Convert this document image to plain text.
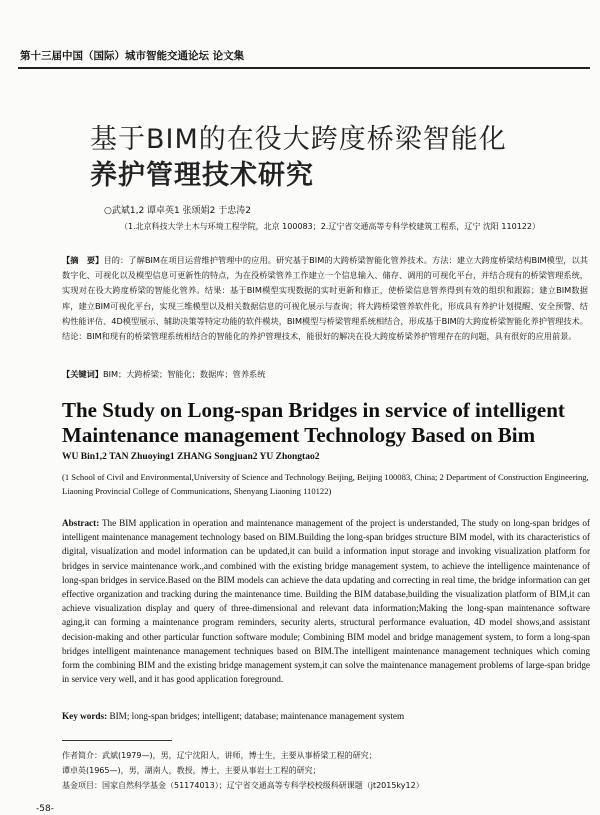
第十三届中国（国际）城市智能交通论坛 论文集
基于BIM的在役大跨度桥梁智能化
养护管理技术研究
○武斌1,2 谭卓英1 张颂娟2 于忠涛2
（1.北京科技大学土木与环境工程学院，北京 100083；2.辽宁省交通高等专科学校建筑工程系，辽宁 沈阳 110122）
【摘　要】目的：了解BIM在项目运营维护管理中的应用。研究基于BIM的大跨桥梁智能化管养技术。方法：建立大跨度桥梁结构BIM模型，以其数字化、可视化以及模型信息可更新性的特点，为在役桥梁管养工作建立一个信息输入、储存、调用的可视化平台，并结合现有的桥梁管理系统，实现对在役大跨度桥梁的智能化管养。结果：基于BIM模型实现数据的实时更新和修正，使桥梁信息管养得到有效的组织和跟踪；建立BIM数据库，建立BIM可视化平台，实现三维模型以及相关数据信息的可视化展示与查询；将大跨桥梁管养软件化，形成具有养护计划提醒、安全预警、结构性能评估、4D模型展示、辅助决策等特定功能的软件模块，BIM模型与桥梁管理系统相结合，形成基于BIM的大跨度桥梁智能化养护管理技术。结论：BIM和现有的桥梁管理系统相结合的智能化的养护管理技术，能很好的解决在役大跨度桥梁养护管理存在的问题，具有很好的应用前景。
【关键词】BIM；大跨桥梁；智能化；数据库；管养系统
The Study on Long-span Bridges in service of intelligent
Maintenance management Technology Based on Bim
WU Bin1,2 TAN Zhuoying1 ZHANG Songjuan2 YU Zhongtao2
(1 School of Civil and Environmental,University of Science and Technology Beijing, Beijing 100083, China; 2 Department of Construction Engineering, Liaoning Provincial College of Communications, Shenyang Liaoning 110122)
Abstract: The BIM application in operation and maintenance management of the project is understanded, The study on long-span bridges of intelligent maintenance management technology based on BIM.Building the long-span bridges structure BIM model, with its characteristics of digital, visualization and model information can be updated,it can build a information input storage and invoking visualization platform for bridges in service maintenance work.,and combined with the existing bridge management system, to achieve the intelligence maintenance of long-span bridges in service.Based on the BIM models can achieve the data updating and correcting in real time, the bridge information can get effective organization and tracking during the maintenance time. Building the BIM database,building the visualization platform of BIM,it can achieve visualization display and query of three-dimensional and relevant data information;Making the long-span maintenance software aging,it can forming a maintenance program reminders, security alerts, structural performance evaluation, 4D model shows,and assistant decision-making and other particular function software module; Combining BIM model and bridge management system, to form a long-span bridges intelligent maintenance management techniques based on BIM.The intelligent maintenance management techniques which coming form the combining BIM and the existing bridge management system,it can solve the maintenance management problems of large-span bridge in service very well, and it has good application foreground.
Key words: BIM; long-span bridges; intelligent; database; maintenance management system
作者简介：武斌(1979—)，男，辽宁沈阳人，讲师，博士生，主要从事桥梁工程的研究；
谭卓英(1965—)，男，湖南人，教授，博士，主要从事岩土工程的研究；
基金项目：国家自然科学基金（51174013）；辽宁省交通高等专科学校校级科研课题（jt2015ky12）
-58-
